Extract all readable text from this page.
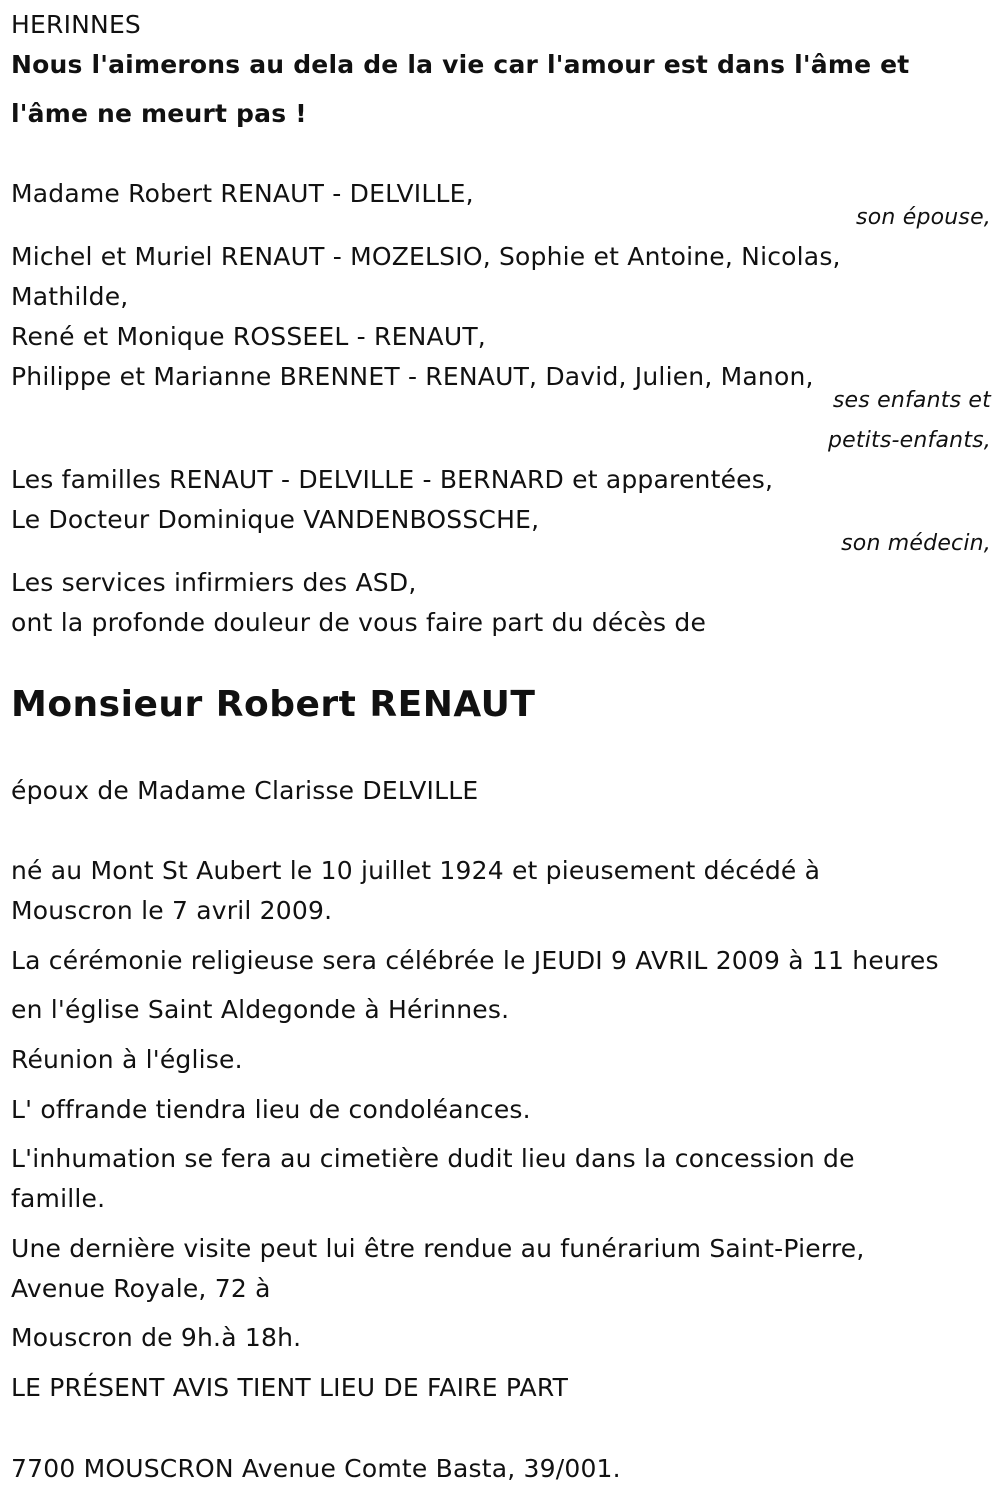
HERINNES
Nous l'aimerons au dela de la vie car l'amour est dans l'âme et
l'âme ne meurt pas !
Madame Robert RENAUT - DELVILLE,
son épouse,
Michel et Muriel RENAUT - MOZELSIO, Sophie et Antoine, Nicolas,
Mathilde,
René et Monique ROSSEEL - RENAUT,
Philippe et Marianne BRENNET - RENAUT, David, Julien, Manon,
ses enfants et
petits-enfants,
Les familles RENAUT - DELVILLE - BERNARD et apparentées,
Le Docteur Dominique VANDENBOSSCHE,
son médecin,
Les services infirmiers des ASD,
ont la profonde douleur de vous faire part du décès de
Monsieur Robert RENAUT
époux de Madame Clarisse DELVILLE
né au Mont St Aubert le 10 juillet 1924 et pieusement décédé à
Mouscron le 7 avril 2009.
La cérémonie religieuse sera célébrée le JEUDI 9 AVRIL 2009 à 11 heures
en l'église Saint Aldegonde à Hérinnes.
Réunion à l'église.
L' offrande tiendra lieu de condoléances.
L'inhumation se fera au cimetière dudit lieu dans la concession de
famille.
Une dernière visite peut lui être rendue au funérarium Saint-Pierre,
Avenue Royale, 72 à
Mouscron de 9h.à 18h.
LE PRÉSENT AVIS TIENT LIEU DE FAIRE PART
7700 MOUSCRON Avenue Comte Basta, 39/001.
